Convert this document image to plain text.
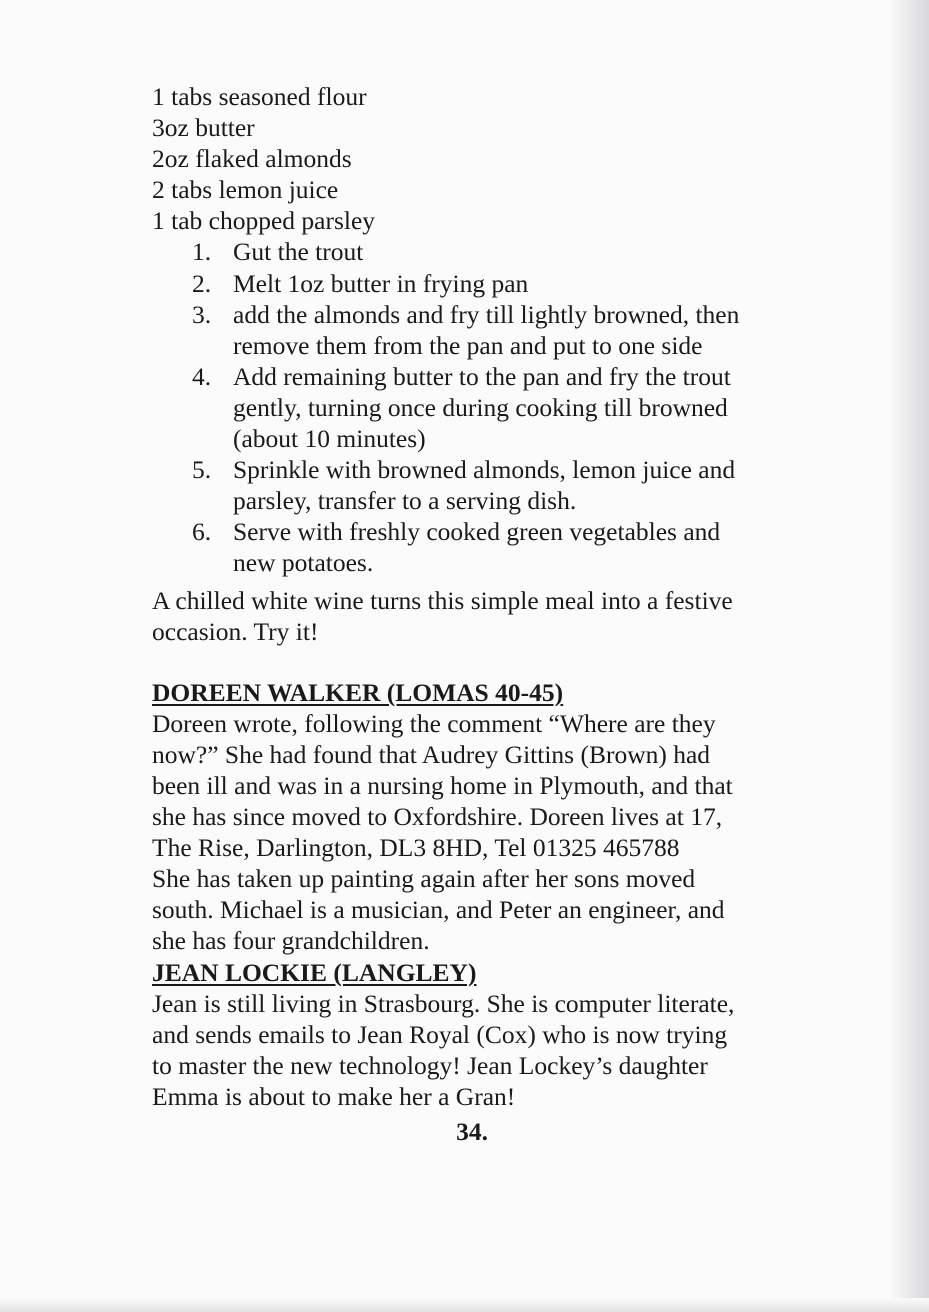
1 tabs seasoned flour
3oz butter
2oz flaked almonds
2 tabs lemon juice
1 tab chopped parsley
1. Gut the trout
2. Melt 1oz butter in frying pan
3. add the almonds and fry till lightly browned, then
remove them from the pan and put to one side
4. Add remaining butter to the pan and fry the trout
gently, turning once during cooking till browned
(about 10 minutes)
5. Sprinkle with browned almonds, lemon juice and
parsley, transfer to a serving dish.
6. Serve with freshly cooked green vegetables and
new potatoes.
A chilled white wine turns this simple meal into a festive
occasion. Try it!
DOREEN WALKER (LOMAS 40-45)
Doreen wrote, following the comment “Where are they
now?” She had found that Audrey Gittins (Brown) had
been ill and was in a nursing home in Plymouth, and that
she has since moved to Oxfordshire. Doreen lives at 17,
The Rise, Darlington, DL3 8HD, Tel 01325 465788
She has taken up painting again after her sons moved
south. Michael is a musician, and Peter an engineer, and
she has four grandchildren.
JEAN LOCKIE (LANGLEY)
Jean is still living in Strasbourg. She is computer literate,
and sends emails to Jean Royal (Cox) who is now trying
to master the new technology! Jean Lockey’s daughter
Emma is about to make her a Gran!
34.
